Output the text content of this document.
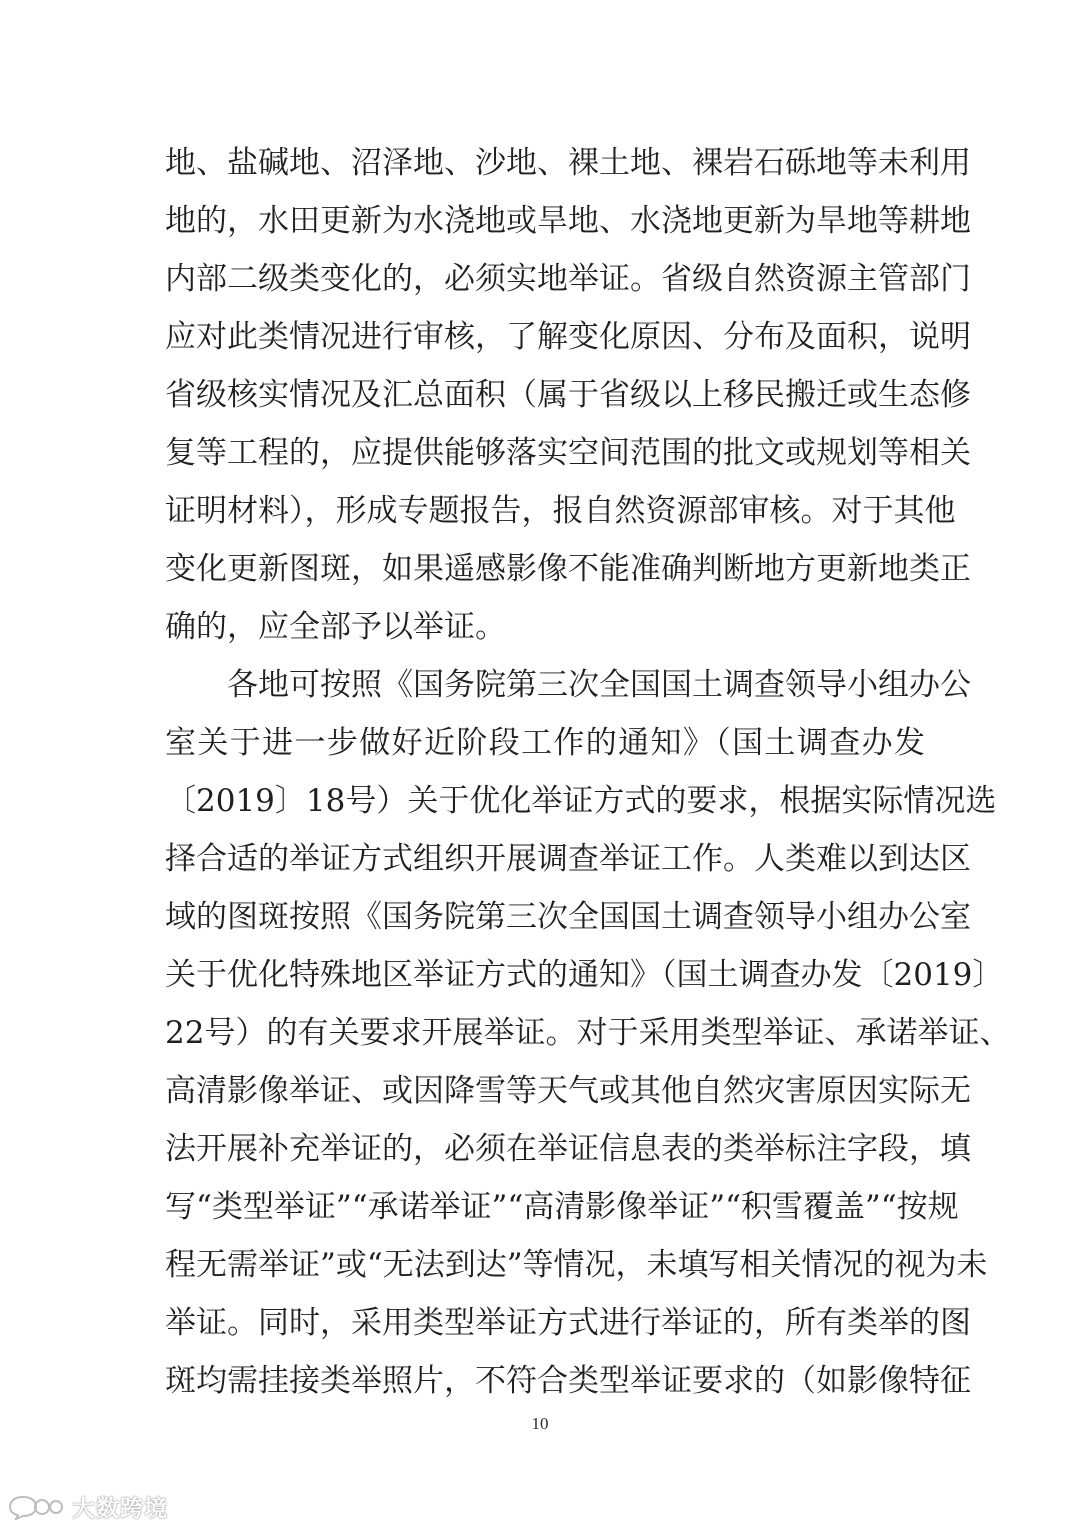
地、盐碱地、沼泽地、沙地、裸土地、裸岩石砾地等未利用
地的，水田更新为水浇地或旱地、水浇地更新为旱地等耕地
内部二级类变化的，必须实地举证。省级自然资源主管部门
应对此类情况进行审核，了解变化原因、分布及面积，说明
省级核实情况及汇总面积（属于省级以上移民搬迁或生态修
复等工程的，应提供能够落实空间范围的批文或规划等相关
证明材料），形成专题报告，报自然资源部审核。对于其他
变化更新图斑，如果遥感影像不能准确判断地方更新地类正
确的，应全部予以举证。
各地可按照《国务院第三次全国国土调查领导小组办公
室关于进一步做好近阶段工作的通知》（国土调查办发
〔2019〕18号）关于优化举证方式的要求，根据实际情况选
择合适的举证方式组织开展调查举证工作。人类难以到达区
域的图斑按照《国务院第三次全国国土调查领导小组办公室
关于优化特殊地区举证方式的通知》（国土调查办发〔2019〕
22号）的有关要求开展举证。对于采用类型举证、承诺举证、
高清影像举证、或因降雪等天气或其他自然灾害原因实际无
法开展补充举证的，必须在举证信息表的类举标注字段，填
写“类型举证”“承诺举证”“高清影像举证”“积雪覆盖”“按规
程无需举证”或“无法到达”等情况，未填写相关情况的视为未
举证。同时，采用类型举证方式进行举证的，所有类举的图
斑均需挂接类举照片，不符合类型举证要求的（如影像特征
10
大数跨境
